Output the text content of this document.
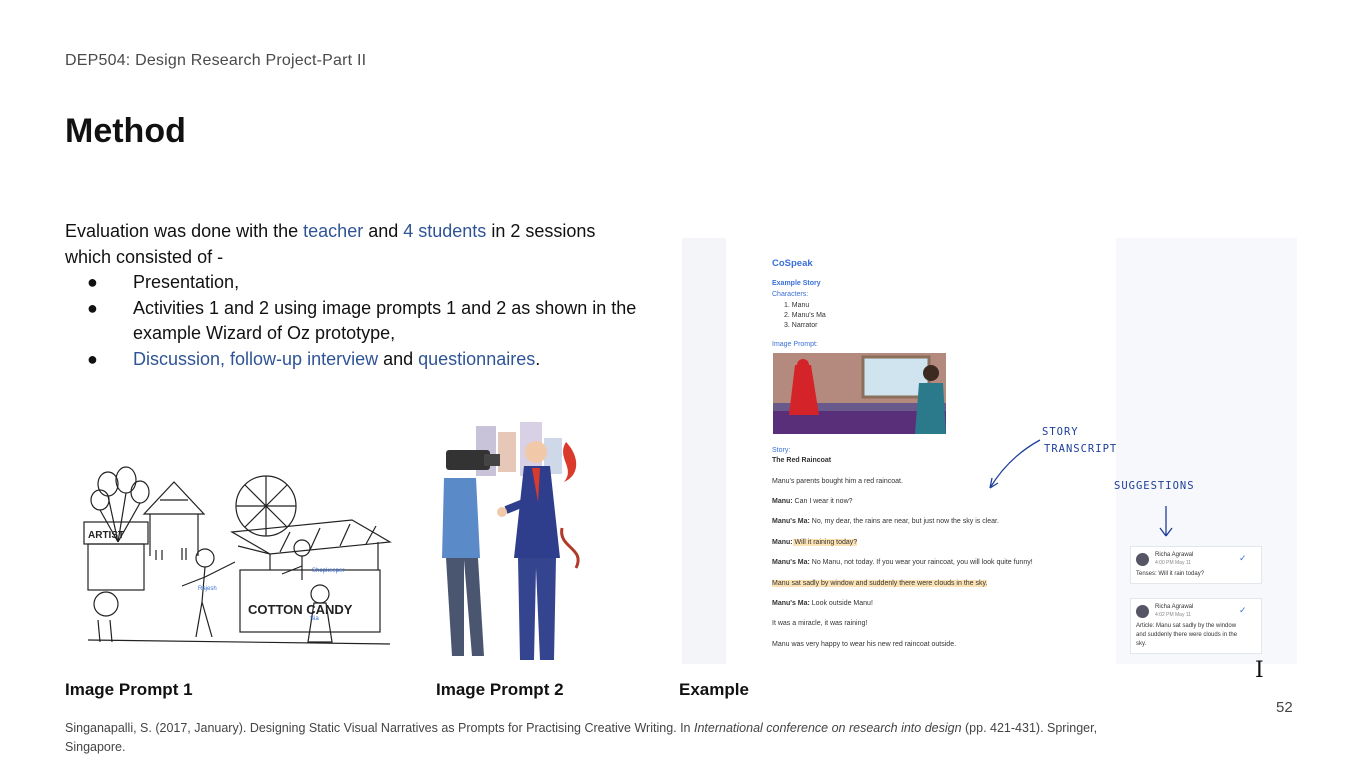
DEP504: Design Research Project-Part II
Method

Evaluation was done with the teacher and 4 students in 2 sessions which consisted of -

● Presentation,
● Activities 1 and 2 using image prompts 1 and 2 as shown in the example Wizard of Oz prototype,
● Discussion, follow-up interview and questionnaires.
COTTON CANDY
ARTIST
Rajesh
Shopkeeper
Sia
CoSpeak
Example Story
Characters:
1. Manu
2. Manu's Ma
3. Narrator
Image Prompt:
Story:
The Red Raincoat
Manu's parents bought him a red raincoat.
Manu: Can I wear it now?
Manu's Ma: No, my dear, the rains are near, but just now the sky is clear.
Manu: Will it raining today?
Manu's Ma: No Manu, not today. If you wear your raincoat, you will look quite funny!
Manu sat sadly by window and suddenly there were clouds in the sky.
Manu's Ma: Look outside Manu!
It was a miracle, it was raining!
Manu was very happy to wear his new red raincoat outside.
Richa Agrawal
4:00 PM May 11	✓
Tenses: Will it rain today?
Richa Agrawal
4:02 PM May 11	✓
Article: Manu sat sadly by the window
and suddenly there were clouds in the
sky.
STORY
TRANSCRIPT
SUGGESTIONS
Image Prompt 1	Image Prompt 2	Example
I
52
Singanapalli, S. (2017, January). Designing Static Visual Narratives as Prompts for Practising Creative Writing. In International conference on research into design (pp. 421-431). Springer,
Singapore.
